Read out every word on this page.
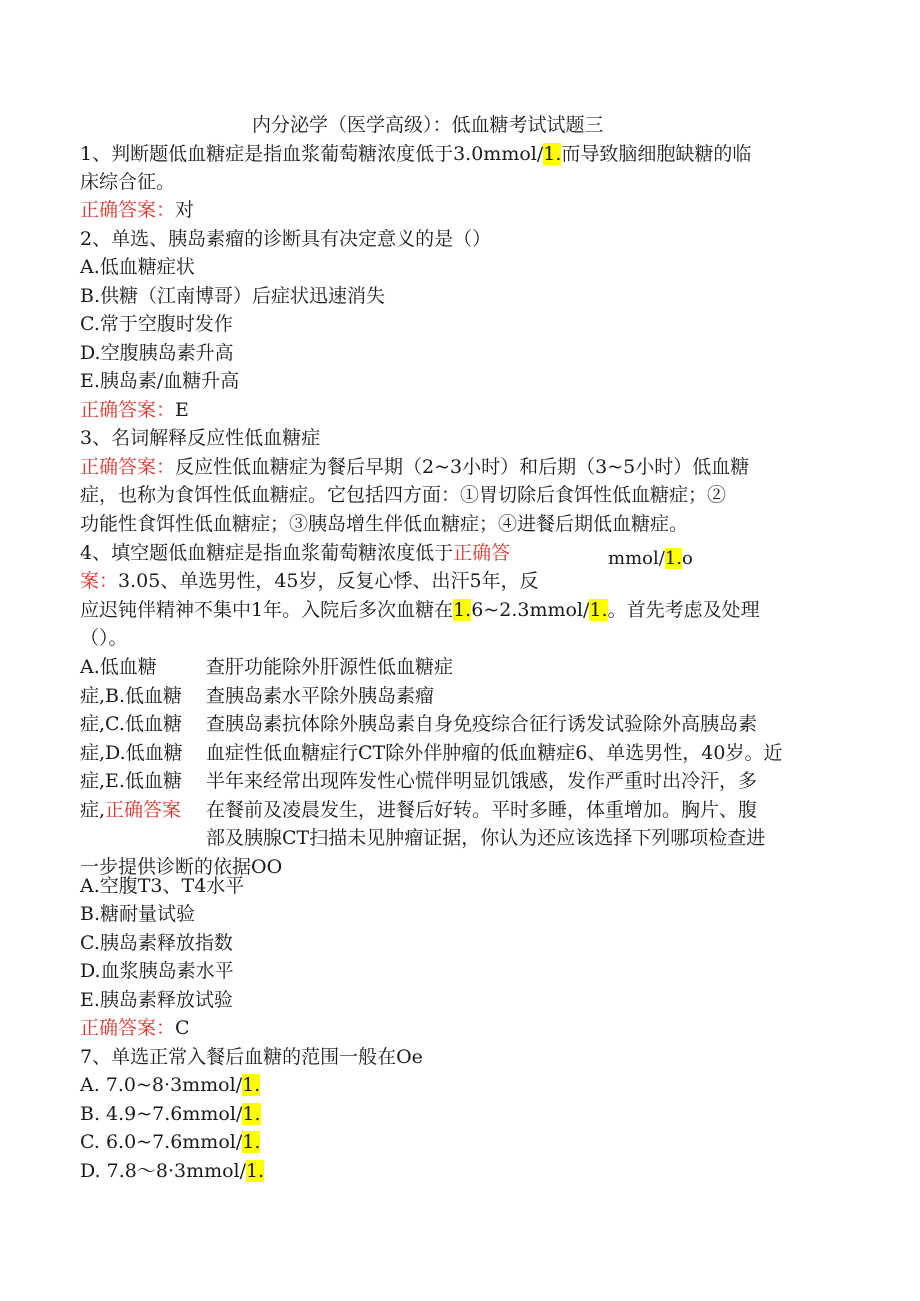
内分泌学（医学高级）：低血糖考试试题三
1、判断题低血糖症是指血浆葡萄糖浓度低于3.0mmol/1.而导致脑细胞缺糖的临
床综合征。
正确答案：对
2、单选、胰岛素瘤的诊断具有决定意义的是（）
A.低血糖症状
B.供糖（江南博哥）后症状迅速消失
C.常于空腹时发作
D.空腹胰岛素升高
E.胰岛素/血糖升高
正确答案：E
3、名词解释反应性低血糖症
正确答案：反应性低血糖症为餐后早期（2~3小时）和后期（3~5小时）低血糖
症，也称为食饵性低血糖症。它包括四方面：①胃切除后食饵性低血糖症；②
功能性食饵性低血糖症；③胰岛增生伴低血糖症；④进餐后期低血糖症。
4、填空题低血糖症是指血浆葡萄糖浓度低于正确答	mmol/1.o
案：3.05、单选男性，45岁，反复心悸、出汗5年，反
应迟钝伴精神不集中1年。入院后多次血糖在1.6~2.3mmol/1.。首先考虑及处理
（）。
A.低血糖
症,B.低血糖
症,C.低血糖
症,D.低血糖
症,E.低血糖
症,正确答案
查肝功能除外肝源性低血糖症
查胰岛素水平除外胰岛素瘤
查胰岛素抗体除外胰岛素自身免疫综合征行诱发试验除外高胰岛素
血症性低血糖症行CT除外伴肿瘤的低血糖症6、单选男性，40岁。近
半年来经常出现阵发性心慌伴明显饥饿感，发作严重时出冷汗，多
在餐前及凌晨发生，进餐后好转。平时多睡，体重增加。胸片、腹
部及胰腺CT扫描未见肿瘤证据，你认为还应该选择下列哪项检查进
一步提供诊断的依据OO
A.空腹T3、T4水平
B.糖耐量试验
C.胰岛素释放指数
D.血浆胰岛素水平
E.胰岛素释放试验
正确答案：C
7、单选正常入餐后血糖的范围一般在Oe
A. 7.0~8·3mmol/1.
B. 4.9~7.6mmol/1.
C. 6.0~7.6mmol/1.
D. 7.8～8·3mmol/1.
